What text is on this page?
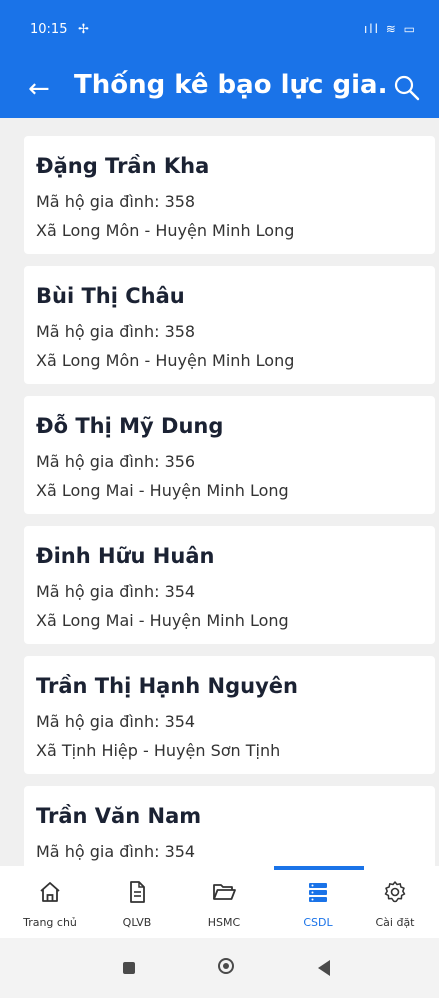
10:15 ✢	ıll ≋ ▭
← Thống kê bạo lực gia.
Đặng Trần Kha
Mã hộ gia đình: 358
Xã Long Môn - Huyện Minh Long
Bùi Thị Châu
Mã hộ gia đình: 358
Xã Long Môn - Huyện Minh Long
Đỗ Thị Mỹ Dung
Mã hộ gia đình: 356
Xã Long Mai - Huyện Minh Long
Đinh Hữu Huân
Mã hộ gia đình: 354
Xã Long Mai - Huyện Minh Long
Trần Thị Hạnh Nguyên
Mã hộ gia đình: 354
Xã Tịnh Hiệp - Huyện Sơn Tịnh
Trần Văn Nam
Mã hộ gia đình: 354
Trang chủ	QLVB	HSMC	CSDL	Cài đặt
